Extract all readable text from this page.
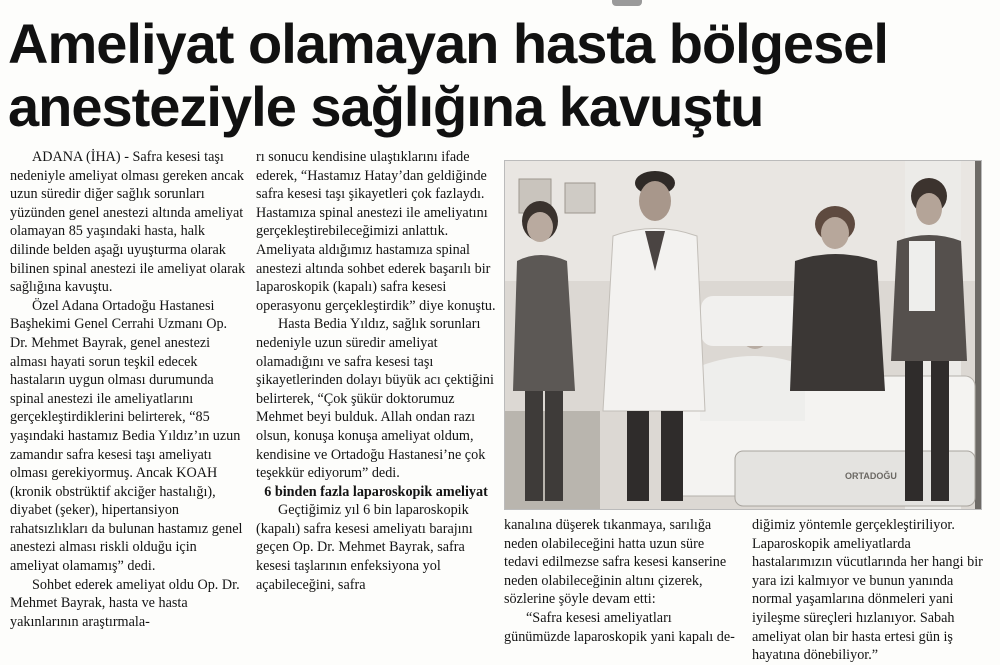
Ameliyat olamayan hasta bölgesel
anesteziyle sağlığına kavuştu

ADANA (İHA) - Safra kesesi taşı nedeniyle ameliyat olması gereken ancak uzun süredir diğer sağlık sorunları yüzünden genel anestezi altında ameliyat olamayan 85 yaşındaki hasta, halk dilinde belden aşağı uyuşturma olarak bilinen spinal anestezi ile ameliyat olarak sağlığına kavuştu.

Özel Adana Ortadoğu Hastanesi Başhekimi Genel Cerrahi Uzmanı Op. Dr. Mehmet Bayrak, genel anestezi alması hayati sorun teşkil edecek hastaların uygun olması durumunda spinal anestezi ile ameliyatlarını gerçekleştirdiklerini belirterek, “85 yaşındaki hastamız Bedia Yıldız’ın uzun zamandır safra kesesi taşı ameliyatı olması gerekiyormuş. Ancak KOAH (kronik obstrüktif akciğer hastalığı), diyabet (şeker), hipertansiyon rahatsızlıkları da bulunan hastamız genel anestezi alması riskli olduğu için ameliyat olamamış” dedi.

Sohbet ederek ameliyat oldu Op. Dr. Mehmet Bayrak, hasta ve hasta yakınlarının araştırmala-

rı sonucu kendisine ulaştıklarını ifade ederek, “Hastamız Hatay’dan geldiğinde safra kesesi taşı şikayetleri çok fazlaydı. Hastamıza spinal anestezi ile ameliyatını gerçekleştirebileceğimizi anlattık. Ameliyata aldığımız hastamıza spinal anestezi altında sohbet ederek başarılı bir laparoskopik (kapalı) safra kesesi operasyonu gerçekleştirdik” diye konuştu.

Hasta Bedia Yıldız, sağlık sorunları nedeniyle uzun süredir ameliyat olamadığını ve safra kesesi taşı şikayetlerinden dolayı büyük acı çektiğini belirterek, “Çok şükür doktorumuz Mehmet beyi bulduk. Allah ondan razı olsun, konuşa konuşa ameliyat oldum, kendisine ve Ortadoğu Hastanesi’ne çok teşekkür ediyorum” dedi.

6 binden fazla laparoskopik ameliyat

Geçtiğimiz yıl 6 bin laparoskopik (kapalı) safra kesesi ameliyatı barajını geçen Op. Dr. Mehmet Bayrak, safra kesesi taşlarının enfeksiyona yol açabileceğini, safra

ORTADOĞU

kanalına düşerek tıkanmaya, sarılığa neden olabileceğini hatta uzun süre tedavi edilmezse safra kesesi kanserine neden olabileceğinin altını çizerek, sözlerine şöyle devam etti:

“Safra kesesi ameliyatları günümüzde laparoskopik yani kapalı de-

diğimiz yöntemle gerçekleştiriliyor. Laparoskopik ameliyatlarda hastalarımızın vücutlarında her hangi bir yara izi kalmıyor ve bunun yanında normal yaşamlarına dönmeleri yani iyileşme süreçleri hızlanıyor. Sabah ameliyat olan bir hasta ertesi gün iş hayatına dönebiliyor.”
